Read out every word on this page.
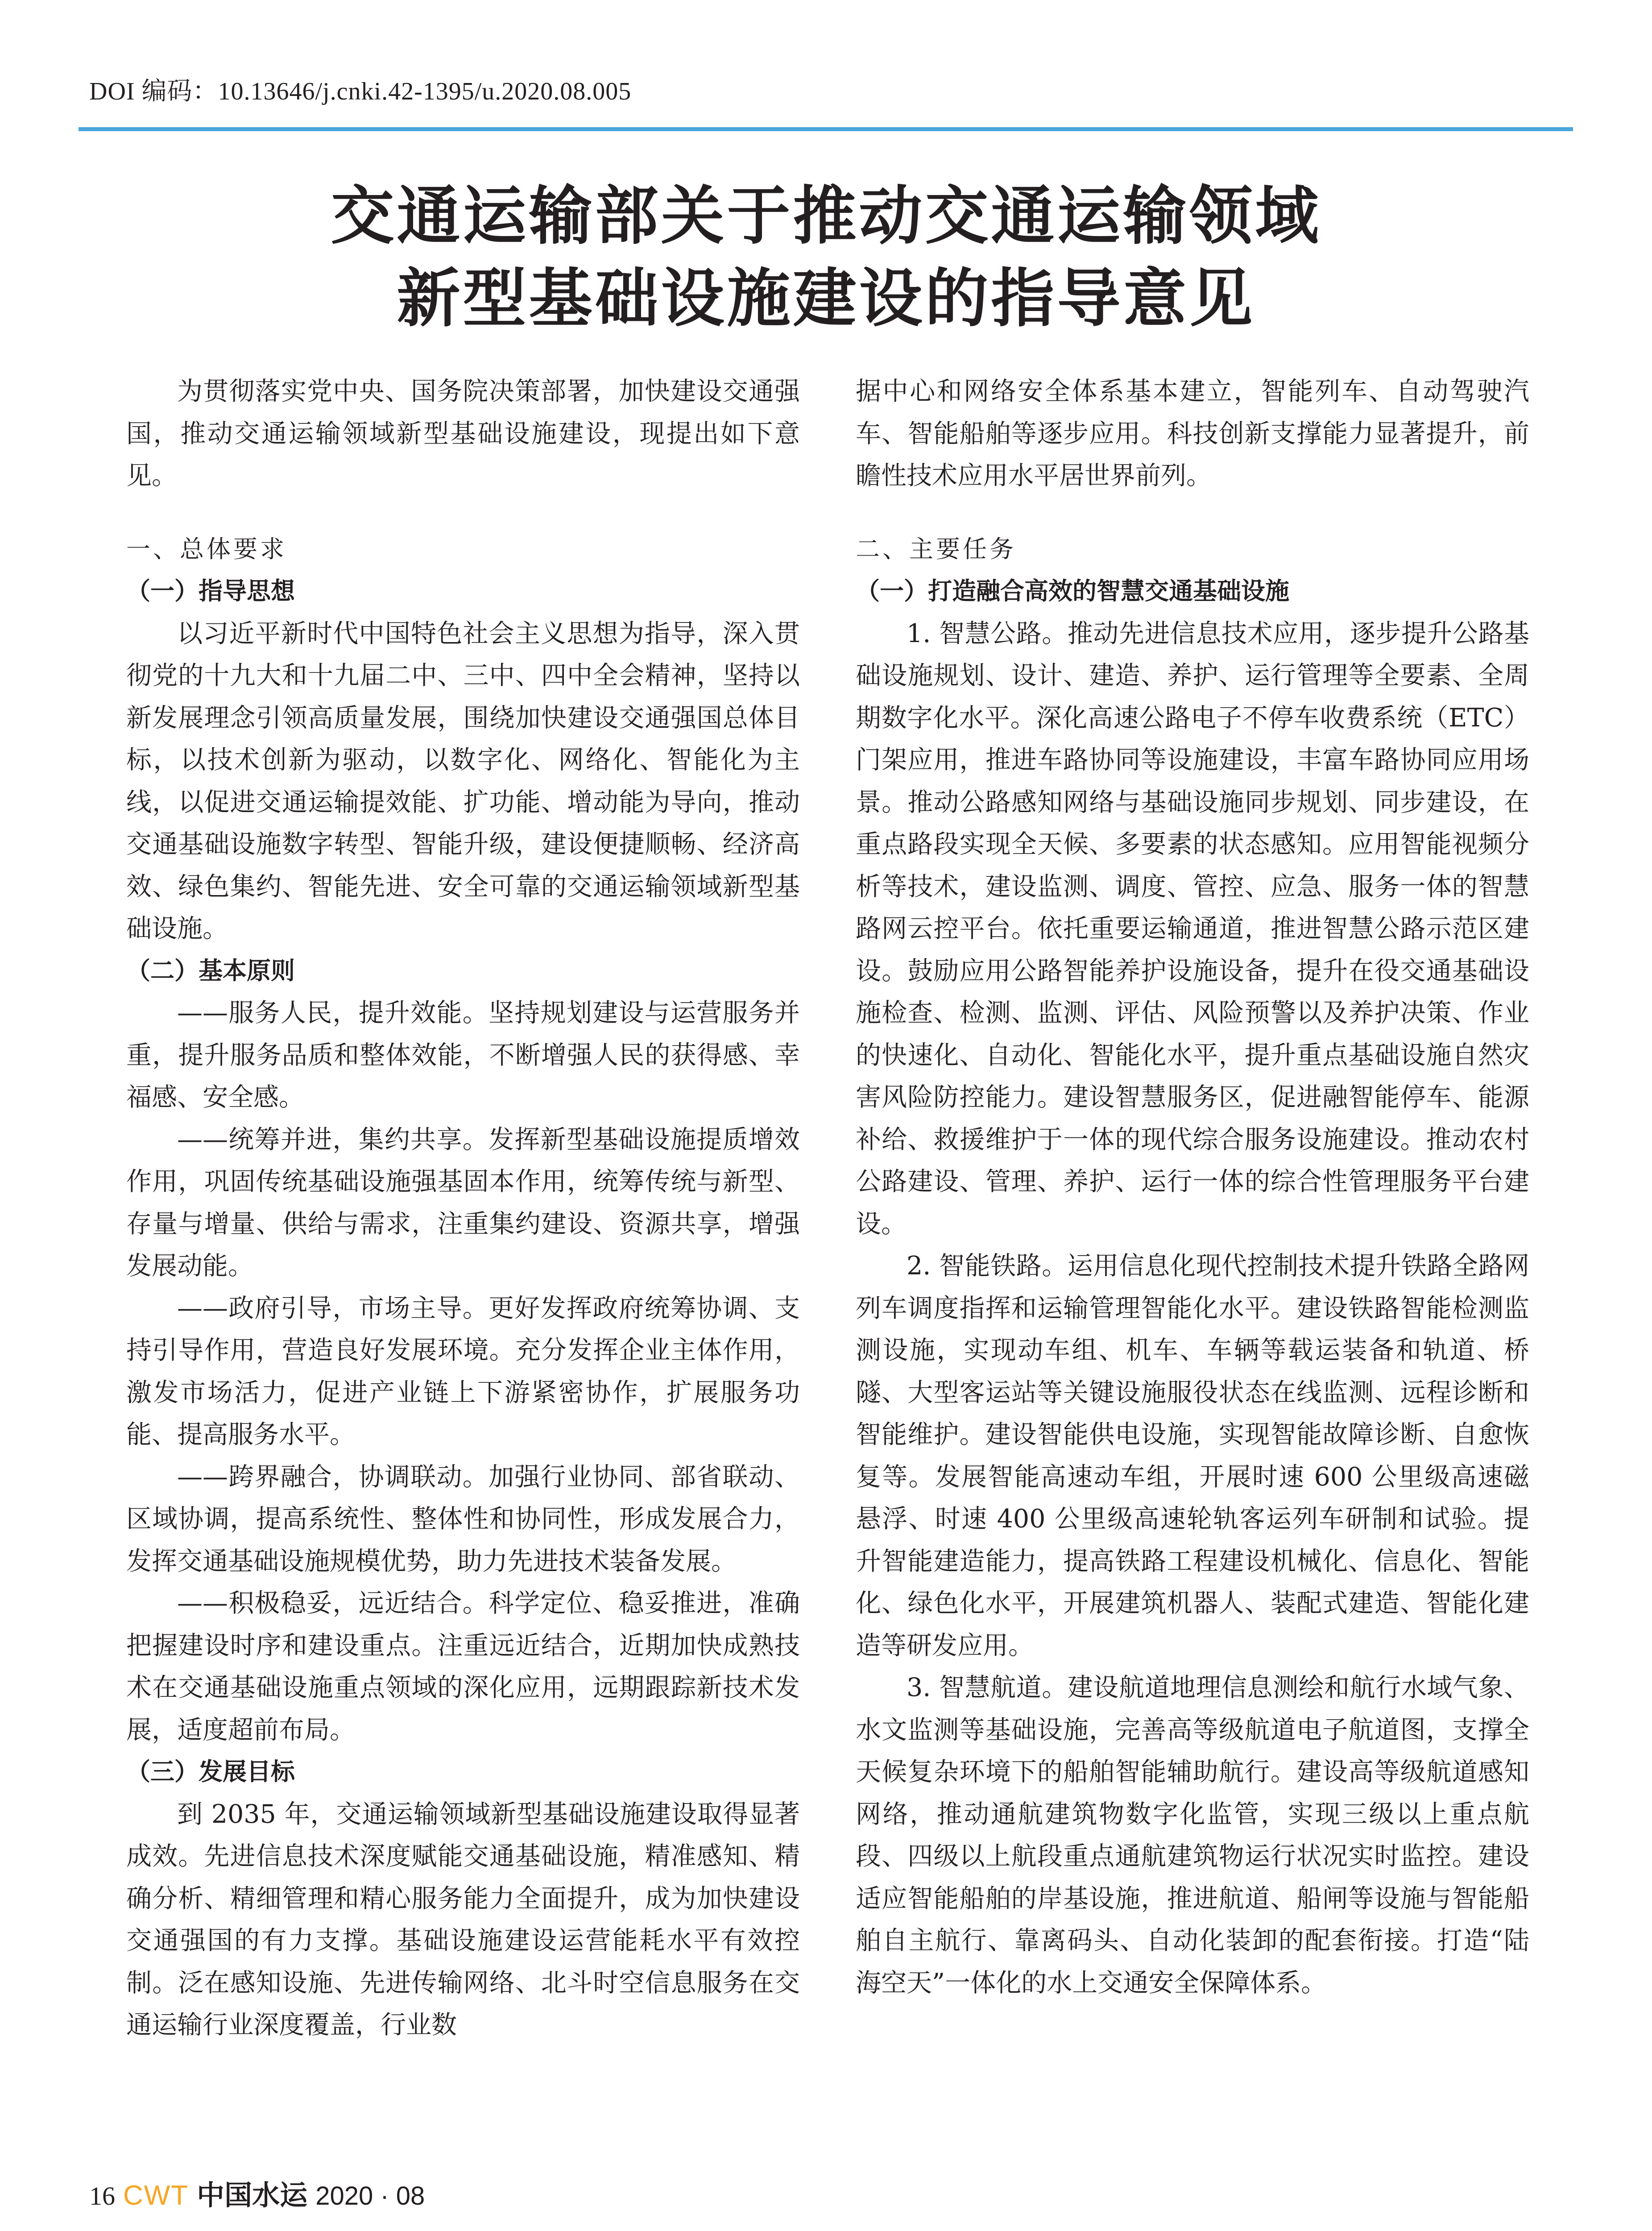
DOI 编码：10.13646/j.cnki.42-1395/u.2020.08.005
交通运输部关于推动交通运输领域
新型基础设施建设的指导意见

为贯彻落实党中央、国务院决策部署，加快建设交通强国，推动交通运输领域新型基础设施建设，现提出如下意见。

一、总体要求

（一）指导思想

以习近平新时代中国特色社会主义思想为指导，深入贯彻党的十九大和十九届二中、三中、四中全会精神，坚持以新发展理念引领高质量发展，围绕加快建设交通强国总体目标，以技术创新为驱动，以数字化、网络化、智能化为主线，以促进交通运输提效能、扩功能、增动能为导向，推动交通基础设施数字转型、智能升级，建设便捷顺畅、经济高效、绿色集约、智能先进、安全可靠的交通运输领域新型基础设施。

（二）基本原则

——服务人民，提升效能。坚持规划建设与运营服务并重，提升服务品质和整体效能，不断增强人民的获得感、幸福感、安全感。

——统筹并进，集约共享。发挥新型基础设施提质增效作用，巩固传统基础设施强基固本作用，统筹传统与新型、存量与增量、供给与需求，注重集约建设、资源共享，增强发展动能。

——政府引导，市场主导。更好发挥政府统筹协调、支持引导作用，营造良好发展环境。充分发挥企业主体作用，激发市场活力，促进产业链上下游紧密协作，扩展服务功能、提高服务水平。

——跨界融合，协调联动。加强行业协同、部省联动、区域协调，提高系统性、整体性和协同性，形成发展合力，发挥交通基础设施规模优势，助力先进技术装备发展。

——积极稳妥，远近结合。科学定位、稳妥推进，准确把握建设时序和建设重点。注重远近结合，近期加快成熟技术在交通基础设施重点领域的深化应用，远期跟踪新技术发展，适度超前布局。

（三）发展目标

到 2035 年，交通运输领域新型基础设施建设取得显著成效。先进信息技术深度赋能交通基础设施，精准感知、精确分析、精细管理和精心服务能力全面提升，成为加快建设交通强国的有力支撑。基础设施建设运营能耗水平有效控制。泛在感知设施、先进传输网络、北斗时空信息服务在交通运输行业深度覆盖，行业数

据中心和网络安全体系基本建立，智能列车、自动驾驶汽车、智能船舶等逐步应用。科技创新支撑能力显著提升，前瞻性技术应用水平居世界前列。

二、主要任务

（一）打造融合高效的智慧交通基础设施

1. 智慧公路。推动先进信息技术应用，逐步提升公路基础设施规划、设计、建造、养护、运行管理等全要素、全周期数字化水平。深化高速公路电子不停车收费系统（ETC）门架应用，推进车路协同等设施建设，丰富车路协同应用场景。推动公路感知网络与基础设施同步规划、同步建设，在重点路段实现全天候、多要素的状态感知。应用智能视频分析等技术，建设监测、调度、管控、应急、服务一体的智慧路网云控平台。依托重要运输通道，推进智慧公路示范区建设。鼓励应用公路智能养护设施设备，提升在役交通基础设施检查、检测、监测、评估、风险预警以及养护决策、作业的快速化、自动化、智能化水平，提升重点基础设施自然灾害风险防控能力。建设智慧服务区，促进融智能停车、能源补给、救援维护于一体的现代综合服务设施建设。推动农村公路建设、管理、养护、运行一体的综合性管理服务平台建设。

2. 智能铁路。运用信息化现代控制技术提升铁路全路网列车调度指挥和运输管理智能化水平。建设铁路智能检测监测设施，实现动车组、机车、车辆等载运装备和轨道、桥隧、大型客运站等关键设施服役状态在线监测、远程诊断和智能维护。建设智能供电设施，实现智能故障诊断、自愈恢复等。发展智能高速动车组，开展时速 600 公里级高速磁悬浮、时速 400 公里级高速轮轨客运列车研制和试验。提升智能建造能力，提高铁路工程建设机械化、信息化、智能化、绿色化水平，开展建筑机器人、装配式建造、智能化建造等研发应用。

3. 智慧航道。建设航道地理信息测绘和航行水域气象、水文监测等基础设施，完善高等级航道电子航道图，支撑全天候复杂环境下的船舶智能辅助航行。建设高等级航道感知网络，推动通航建筑物数字化监管，实现三级以上重点航段、四级以上航段重点通航建筑物运行状况实时监控。建设适应智能船舶的岸基设施，推进航道、船闸等设施与智能船舶自主航行、靠离码头、自动化装卸的配套衔接。打造“陆海空天”一体化的水上交通安全保障体系。

16 CWT 中国水运 2020 · 08
